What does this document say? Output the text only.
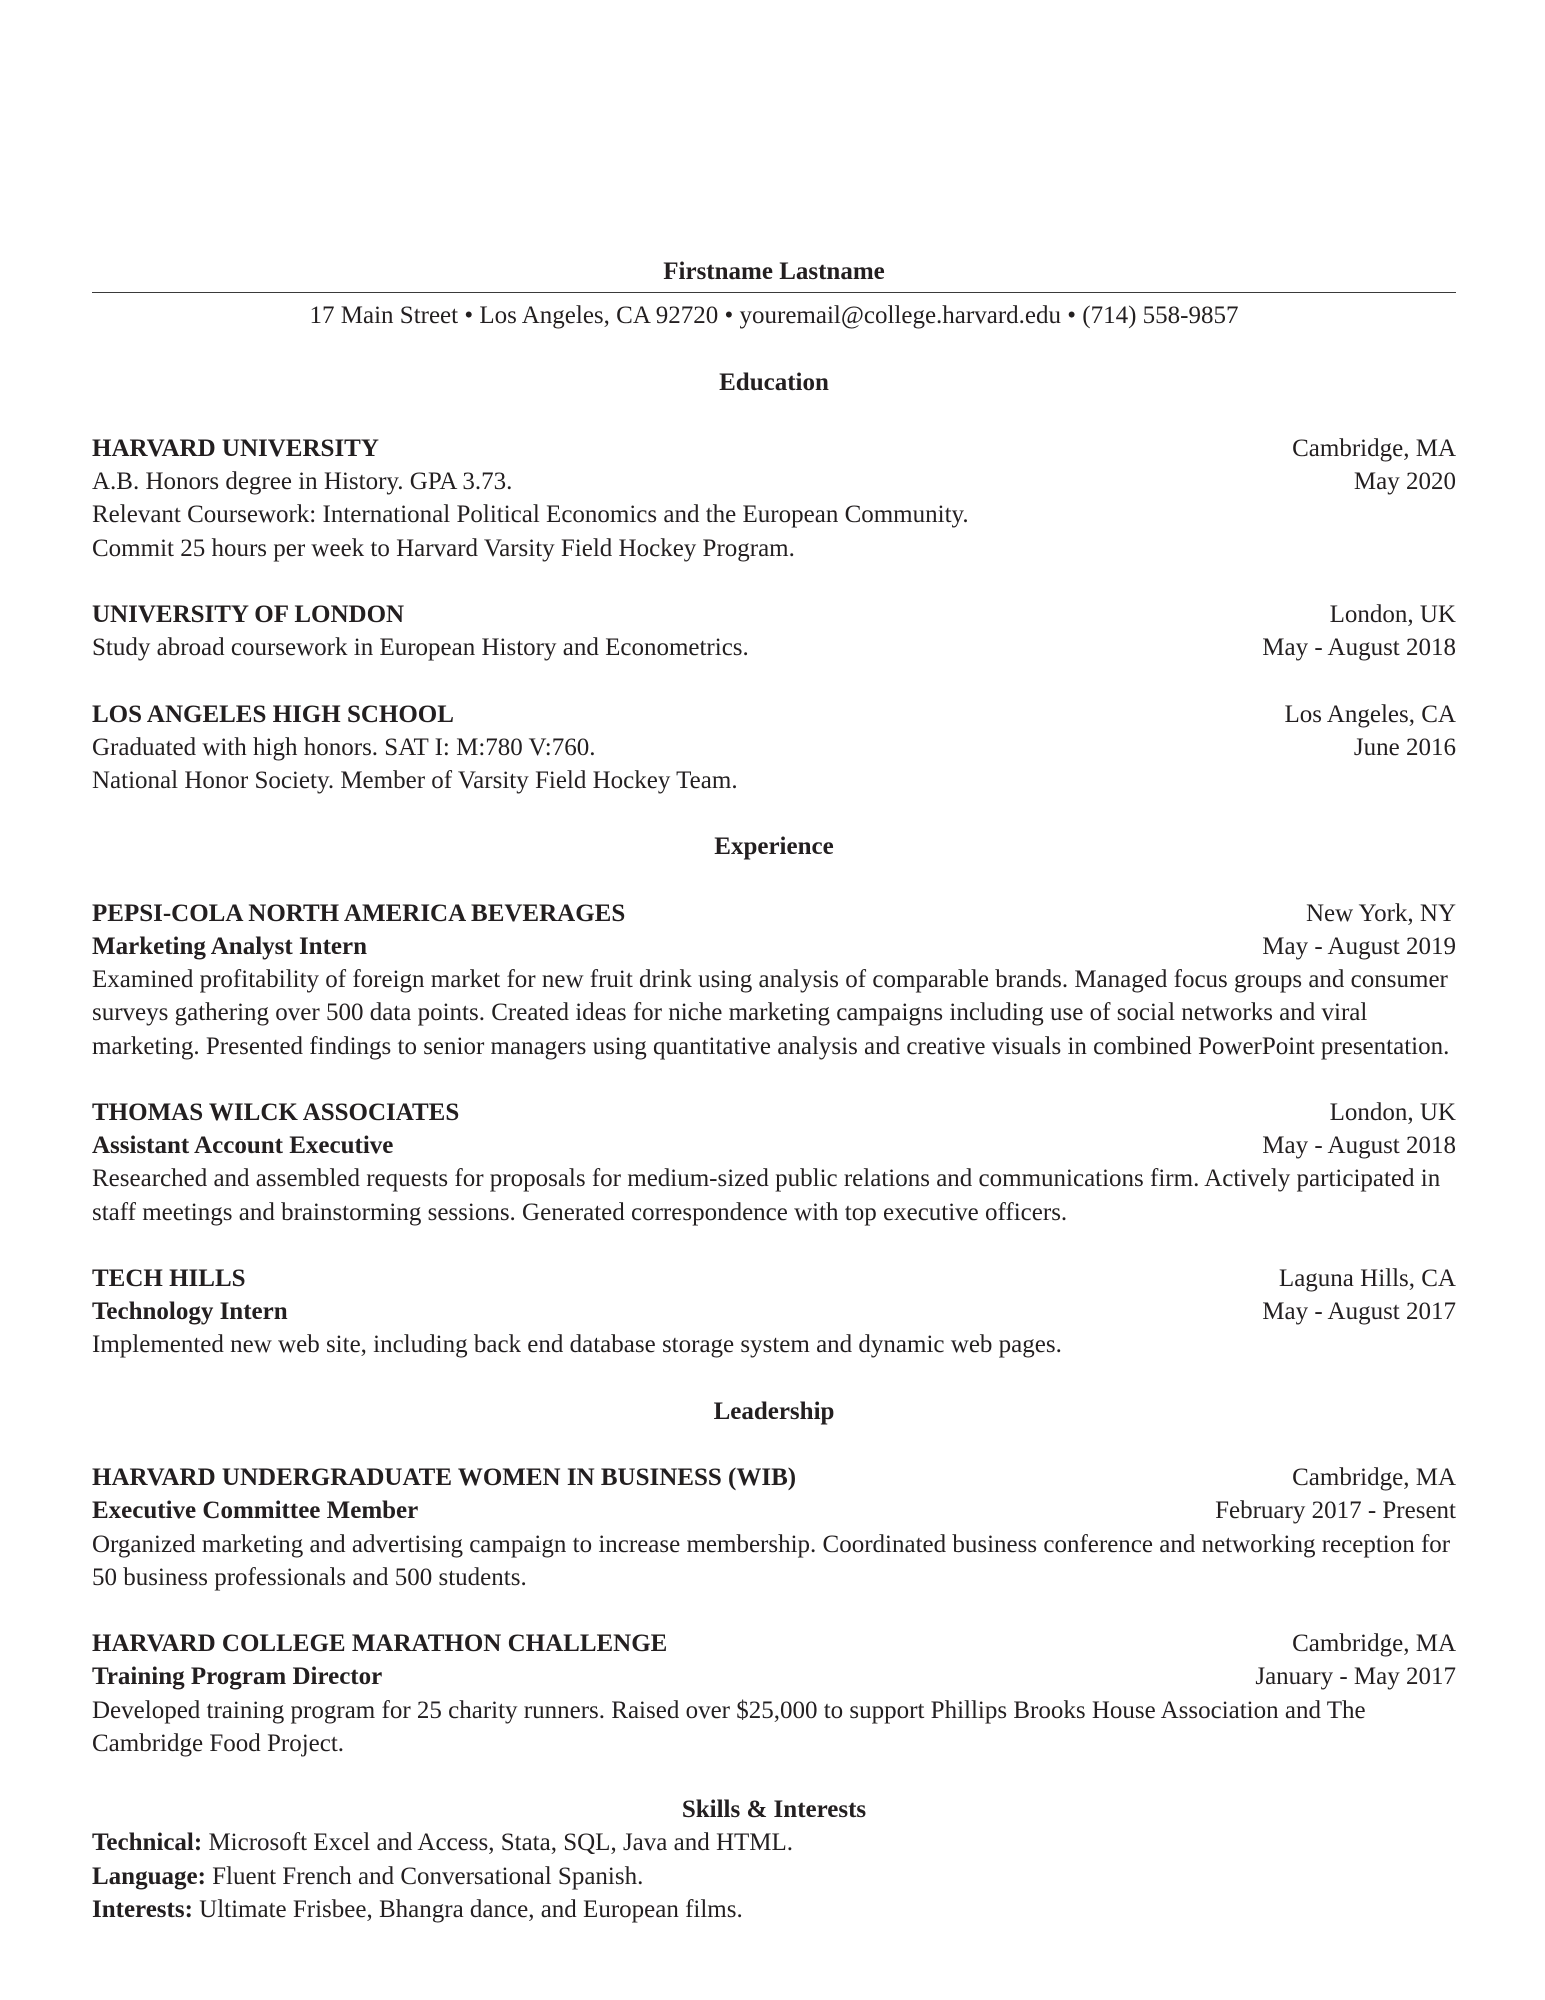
Firstname Lastname
17 Main Street • Los Angeles, CA 92720 • youremail@college.harvard.edu • (714) 558-9857
Education
HARVARD UNIVERSITY	Cambridge, MA
A.B. Honors degree in History. GPA 3.73.	May 2020
Relevant Coursework: International Political Economics and the European Community.
Commit 25 hours per week to Harvard Varsity Field Hockey Program.
UNIVERSITY OF LONDON	London, UK
Study abroad coursework in European History and Econometrics.	May - August 2018
LOS ANGELES HIGH SCHOOL	Los Angeles, CA
Graduated with high honors. SAT I: M:780 V:760.	June 2016
National Honor Society. Member of Varsity Field Hockey Team.
Experience
PEPSI-COLA NORTH AMERICA BEVERAGES	New York, NY
Marketing Analyst Intern	May - August 2019
Examined profitability of foreign market for new fruit drink using analysis of comparable brands. Managed focus groups and consumer surveys gathering over 500 data points. Created ideas for niche marketing campaigns including use of social networks and viral marketing. Presented findings to senior managers using quantitative analysis and creative visuals in combined PowerPoint presentation.
THOMAS WILCK ASSOCIATES	London, UK
Assistant Account Executive	May - August 2018
Researched and assembled requests for proposals for medium-sized public relations and communications firm. Actively participated in staff meetings and brainstorming sessions. Generated correspondence with top executive officers.
TECH HILLS	Laguna Hills, CA
Technology Intern	May - August 2017
Implemented new web site, including back end database storage system and dynamic web pages.
Leadership
HARVARD UNDERGRADUATE WOMEN IN BUSINESS (WIB)	Cambridge, MA
Executive Committee Member	February 2017 - Present
Organized marketing and advertising campaign to increase membership. Coordinated business conference and networking reception for 50 business professionals and 500 students.
HARVARD COLLEGE MARATHON CHALLENGE	Cambridge, MA
Training Program Director	January - May 2017
Developed training program for 25 charity runners. Raised over $25,000 to support Phillips Brooks House Association and The Cambridge Food Project.
Skills & Interests
Technical: Microsoft Excel and Access, Stata, SQL, Java and HTML.
Language: Fluent French and Conversational Spanish.
Interests: Ultimate Frisbee, Bhangra dance, and European films.
